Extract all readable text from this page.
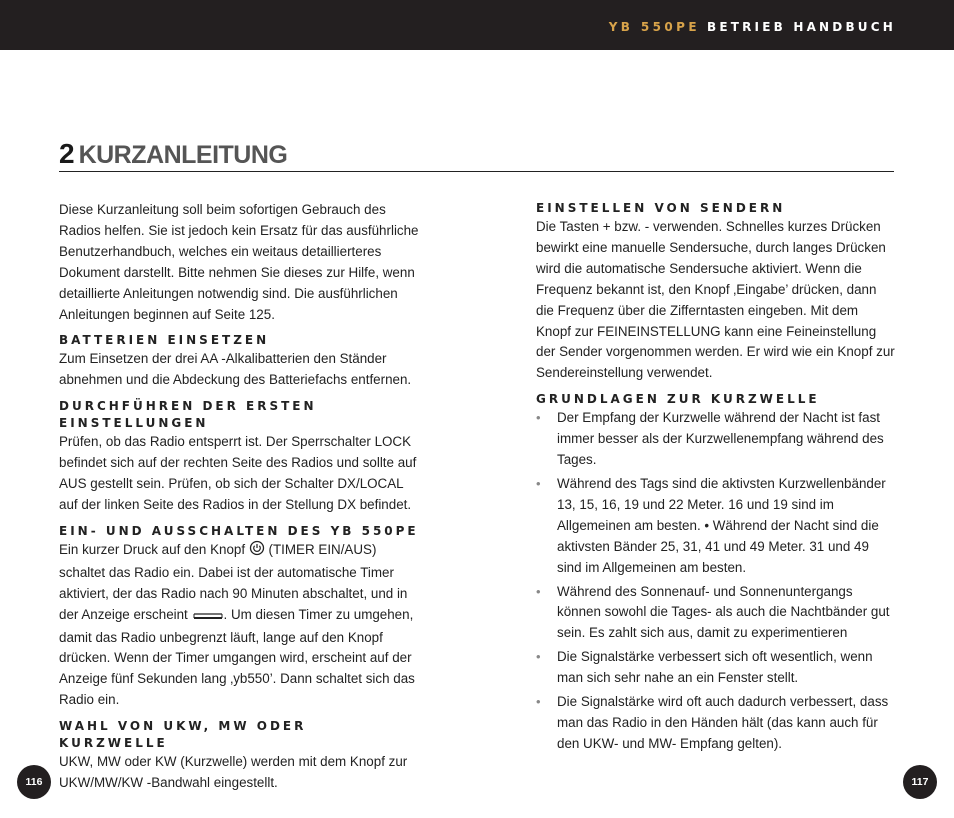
YB 550PE BETRIEB HANDBUCH
2 KURZANLEITUNG

Diese Kurzanleitung soll beim sofortigen Gebrauch des Radios helfen. Sie ist jedoch kein Ersatz für das ausführliche Benutzerhandbuch, welches ein weitaus detaillierteres Dokument darstellt. Bitte nehmen Sie dieses zur Hilfe, wenn detaillierte Anleitungen notwendig sind. Die ausführlichen Anleitungen beginnen auf Seite 125.

BATTERIEN EINSETZEN

Zum Einsetzen der drei AA -Alkalibatterien den Ständer abnehmen und die Abdeckung des Batteriefachs entfernen.

DURCHFÜHREN DER ERSTEN EINSTELLUNGEN

Prüfen, ob das Radio entsperrt ist. Der Sperrschalter LOCK befindet sich auf der rechten Seite des Radios und sollte auf AUS gestellt sein. Prüfen, ob sich der Schalter DX/LOCAL auf der linken Seite des Radios in der Stellung DX befindet.

EIN- UND AUSSCHALTEN DES YB 550PE

Ein kurzer Druck auf den Knopf (TIMER EIN/AUS) schaltet das Radio ein. Dabei ist der automatische Timer aktiviert, der das Radio nach 90 Minuten abschaltet, und in der Anzeige erscheint	. Um diesen Timer zu umgehen, damit das Radio unbegrenzt läuft, lange auf den Knopf drücken. Wenn der Timer umgangen wird, erscheint auf der Anzeige fünf Sekunden lang ‚yb550’. Dann schaltet sich das Radio ein.

WAHL VON UKW, MW ODER KURZWELLE

UKW, MW oder KW (Kurzwelle) werden mit dem Knopf zur UKW/MW/KW -Bandwahl eingestellt.

EINSTELLEN VON SENDERN

Die Tasten + bzw. - verwenden. Schnelles kurzes Drücken bewirkt eine manuelle Sendersuche, durch langes Drücken wird die automatische Sendersuche aktiviert. Wenn die Frequenz bekannt ist, den Knopf ‚Eingabe’ drücken, dann die Frequenz über die Zifferntasten eingeben. Mit dem Knopf zur FEINEINSTELLUNG kann eine Feineinstellung der Sender vorgenommen werden. Er wird wie ein Knopf zur Sendereinstellung verwendet.

GRUNDLAGEN ZUR KURZWELLE
• Der Empfang der Kurzwelle während der Nacht ist fast immer besser als der Kurzwellenempfang während des Tages.
• Während des Tags sind die aktivsten Kurzwellenbänder 13, 15, 16, 19 und 22 Meter. 16 und 19 sind im Allgemeinen am besten. • Während der Nacht sind die aktivsten Bänder 25, 31, 41 und 49 Meter. 31 und 49 sind im Allgemeinen am besten.
• Während des Sonnenauf- und Sonnenuntergangs können sowohl die Tages- als auch die Nachtbänder gut sein. Es zahlt sich aus, damit zu experimentieren
• Die Signalstärke verbessert sich oft wesentlich, wenn man sich sehr nahe an ein Fenster stellt.
• Die Signalstärke wird oft auch dadurch verbessert, dass man das Radio in den Händen hält (das kann auch für den UKW- und MW- Empfang gelten).
116	117
